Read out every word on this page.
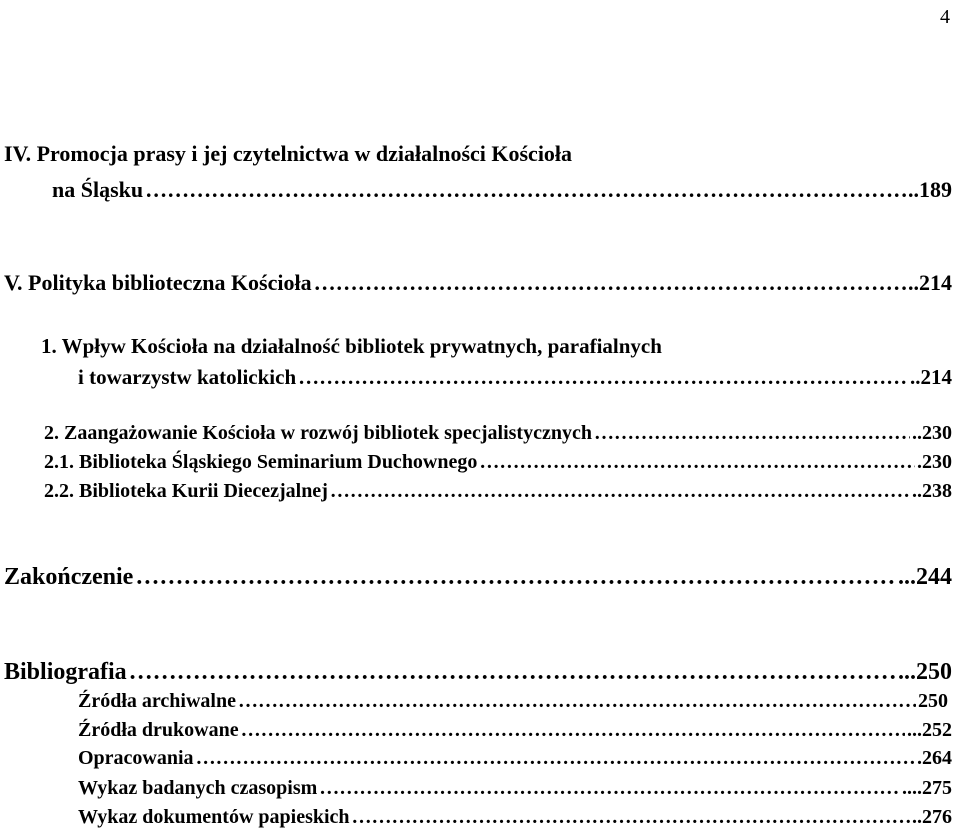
4
IV. Promocja prasy i jej czytelnictwa w działalności Kościoła
na Śląsku ………………………………………………………………………………………………………………………………………………………………………………………………………	..189
V. Polityka biblioteczna Kościoła ………………………………………………………………………………………………………………………………………………………………………………………………………	..214
1. Wpływ Kościoła na działalność bibliotek prywatnych, parafialnych
i towarzystw katolickich ………………………………………………………………………………………………………………………………………………………………………………………………………	..214
2. Zaangażowanie Kościoła w rozwój bibliotek specjalistycznych ………………………………………………………………………………………………………………………………………………………………………………………………………	..230
2.1. Biblioteka Śląskiego Seminarium Duchownego ………………………………………………………………………………………………………………………………………………………………………………………………………	.230
2.2. Biblioteka Kurii Diecezjalnej ………………………………………………………………………………………………………………………………………………………………………………………………………	..238
Zakończenie ………………………………………………………………………………………………………………………………………………………………………………………………………	...244
Bibliografia ………………………………………………………………………………………………………………………………………………………………………………………………………	...250
Źródła archiwalne ………………………………………………………………………………………………………………………………………………………………………………………………………	250
Źródła drukowane ………………………………………………………………………………………………………………………………………………………………………………………………………	...252
Opracowania ………………………………………………………………………………………………………………………………………………………………………………………………………	.264
Wykaz badanych czasopism ………………………………………………………………………………………………………………………………………………………………………………………………………	....275
Wykaz dokumentów papieskich ………………………………………………………………………………………………………………………………………………………………………………………………………	..276
